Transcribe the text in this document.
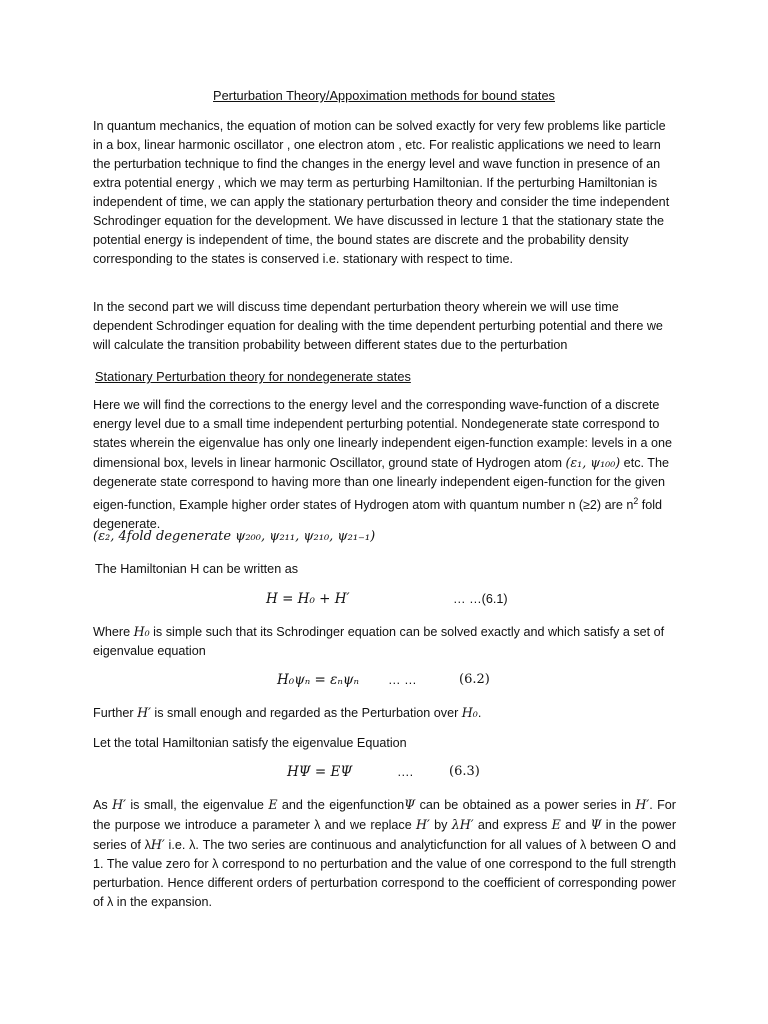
Perturbation Theory/Appoximation methods for bound states

In quantum mechanics, the equation of motion can be solved exactly for very few problems like particle in a box, linear harmonic oscillator , one electron atom , etc. For realistic applications we need to learn the perturbation technique to find the changes in the energy level and wave function in presence of an extra potential energy , which we may term as perturbing Hamiltonian. If the perturbing Hamiltonian is independent of time, we can apply the stationary perturbation theory and consider the time independent Schrodinger equation for the development. We have discussed in lecture 1 that the stationary state the potential energy is independent of time, the bound states are discrete and the probability density corresponding to the states is conserved i.e. stationary with respect to time.

In the second part we will discuss time dependant perturbation theory wherein we will use time dependent Schrodinger equation for dealing with the time dependent perturbing potential and there we will calculate the transition probability between different states due to the perturbation

Stationary Perturbation theory for nondegenerate states

Here we will find the corrections to the energy level and the corresponding wave-function of a discrete energy level due to a small time independent perturbing potential. Nondegenerate state correspond to states wherein the eigenvalue has only one linearly independent eigen-function example: levels in a one dimensional box, levels in linear harmonic Oscillator, ground state of Hydrogen atom (ε₁, ψ₁₀₀) etc. The degenerate state correspond to having more than one linearly independent eigen-function for the given eigen-function, Example higher order states of Hydrogen atom with quantum number n (≥2) are $n^2$ fold degenerate.

(ε₂, 4fold degenerate ψ₂₀₀, ψ₂₁₁, ψ₂₁₀, ψ₂₁₋₁)

The Hamiltonian H can be written as

H = H₀ + H′	… …(6.1)

Where H₀ is simple such that its Schrodinger equation can be solved exactly and which satisfy a set of eigenvalue equation

H₀ψₙ = εₙψₙ … …	(6.2)

Further H′ is small enough and regarded as the Perturbation over H₀.

Let the total Hamiltonian satisfy the eigenvalue Equation

HΨ = EΨ	….	(6.3)

As H′ is small, the eigenvalue E and the eigenfunctionΨ can be obtained as a power series in H′. For the purpose we introduce a parameter λ and we replace H′ by λH′ and express E and Ψ in the power series of λH′ i.e. λ. The two series are continuous and analyticfunction for all values of λ between O and 1. The value zero for λ correspond to no perturbation and the value of one correspond to the full strength perturbation. Hence different orders of perturbation correspond to the coefficient of corresponding power of λ in the expansion.
